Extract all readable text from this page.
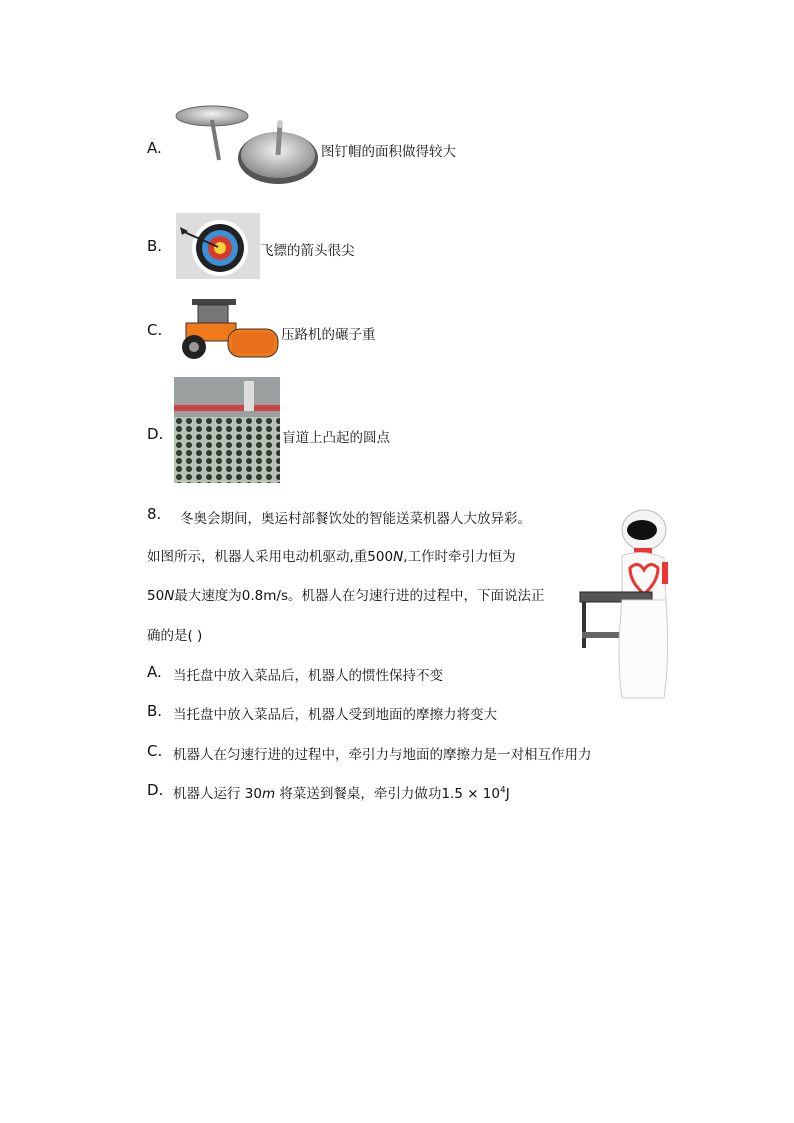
A.	图钉帽的面积做得较大
B.	飞镖的箭头很尖
C.	压路机的碾子重
D.	盲道上凸起的圆点
8. 冬奥会期间，奥运村部餐饮处的智能送菜机器人大放异彩。
如图所示，机器人采用电动机驱动,重500N,工作时牵引力恒为
50N最大速度为0.8m/s。机器人在匀速行进的过程中，下面说法正
确的是( )
A. 当托盘中放入菜品后，机器人的惯性保持不变
B. 当托盘中放入菜品后，机器人受到地面的摩擦力将变大
C. 机器人在匀速行进的过程中，牵引力与地面的摩擦力是一对相互作用力
D. 机器人运行 30m 将菜送到餐桌，牵引力做功$1.5 \times 10^4J$
